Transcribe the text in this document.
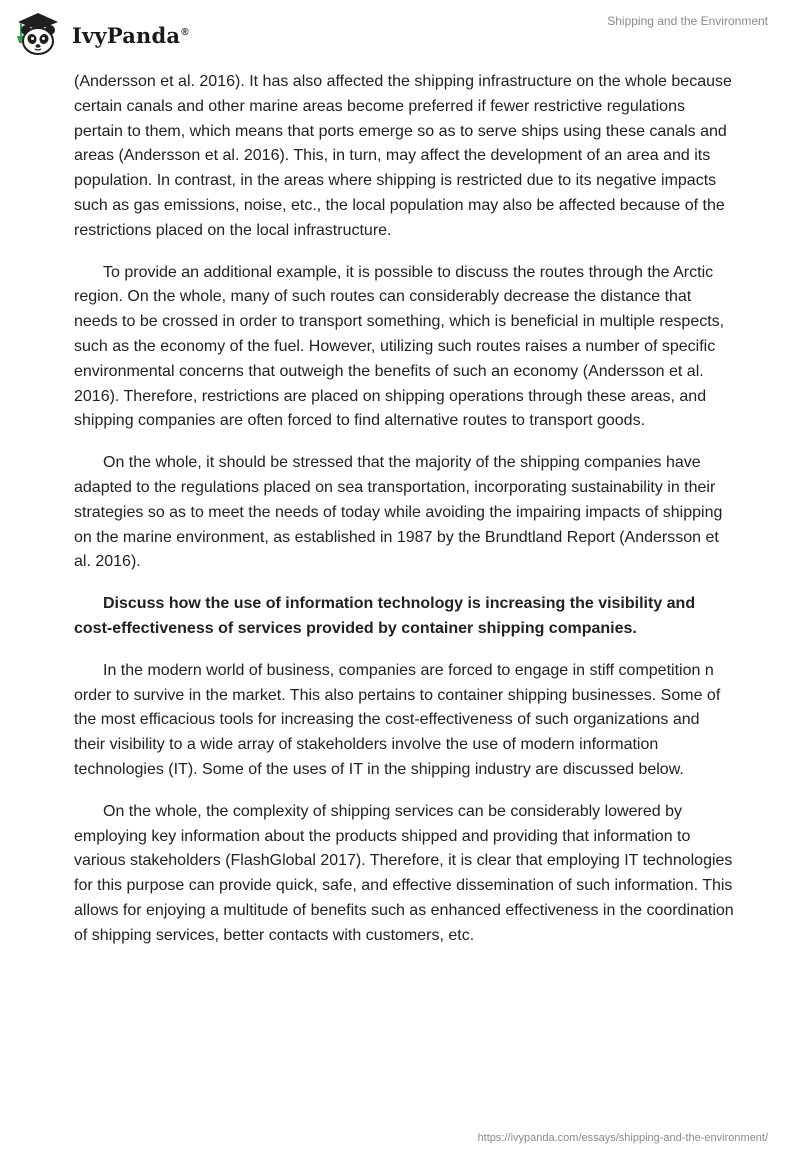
IvyPanda®
Shipping and the Environment

(Andersson et al. 2016). It has also affected the shipping infrastructure on the whole because certain canals and other marine areas become preferred if fewer restrictive regulations pertain to them, which means that ports emerge so as to serve ships using these canals and areas (Andersson et al. 2016). This, in turn, may affect the development of an area and its population. In contrast, in the areas where shipping is restricted due to its negative impacts such as gas emissions, noise, etc., the local population may also be affected because of the restrictions placed on the local infrastructure.

To provide an additional example, it is possible to discuss the routes through the Arctic region. On the whole, many of such routes can considerably decrease the distance that needs to be crossed in order to transport something, which is beneficial in multiple respects, such as the economy of the fuel. However, utilizing such routes raises a number of specific environmental concerns that outweigh the benefits of such an economy (Andersson et al. 2016). Therefore, restrictions are placed on shipping operations through these areas, and shipping companies are often forced to find alternative routes to transport goods.

On the whole, it should be stressed that the majority of the shipping companies have adapted to the regulations placed on sea transportation, incorporating sustainability in their strategies so as to meet the needs of today while avoiding the impairing impacts of shipping on the marine environment, as established in 1987 by the Brundtland Report (Andersson et al. 2016).

Discuss how the use of information technology is increasing the visibility and cost-effectiveness of services provided by container shipping companies.

In the modern world of business, companies are forced to engage in stiff competition n order to survive in the market. This also pertains to container shipping businesses. Some of the most efficacious tools for increasing the cost-effectiveness of such organizations and their visibility to a wide array of stakeholders involve the use of modern information technologies (IT). Some of the uses of IT in the shipping industry are discussed below.

On the whole, the complexity of shipping services can be considerably lowered by employing key information about the products shipped and providing that information to various stakeholders (FlashGlobal 2017). Therefore, it is clear that employing IT technologies for this purpose can provide quick, safe, and effective dissemination of such information. This allows for enjoying a multitude of benefits such as enhanced effectiveness in the coordination of shipping services, better contacts with customers, etc.

https://ivypanda.com/essays/shipping-and-the-environment/
